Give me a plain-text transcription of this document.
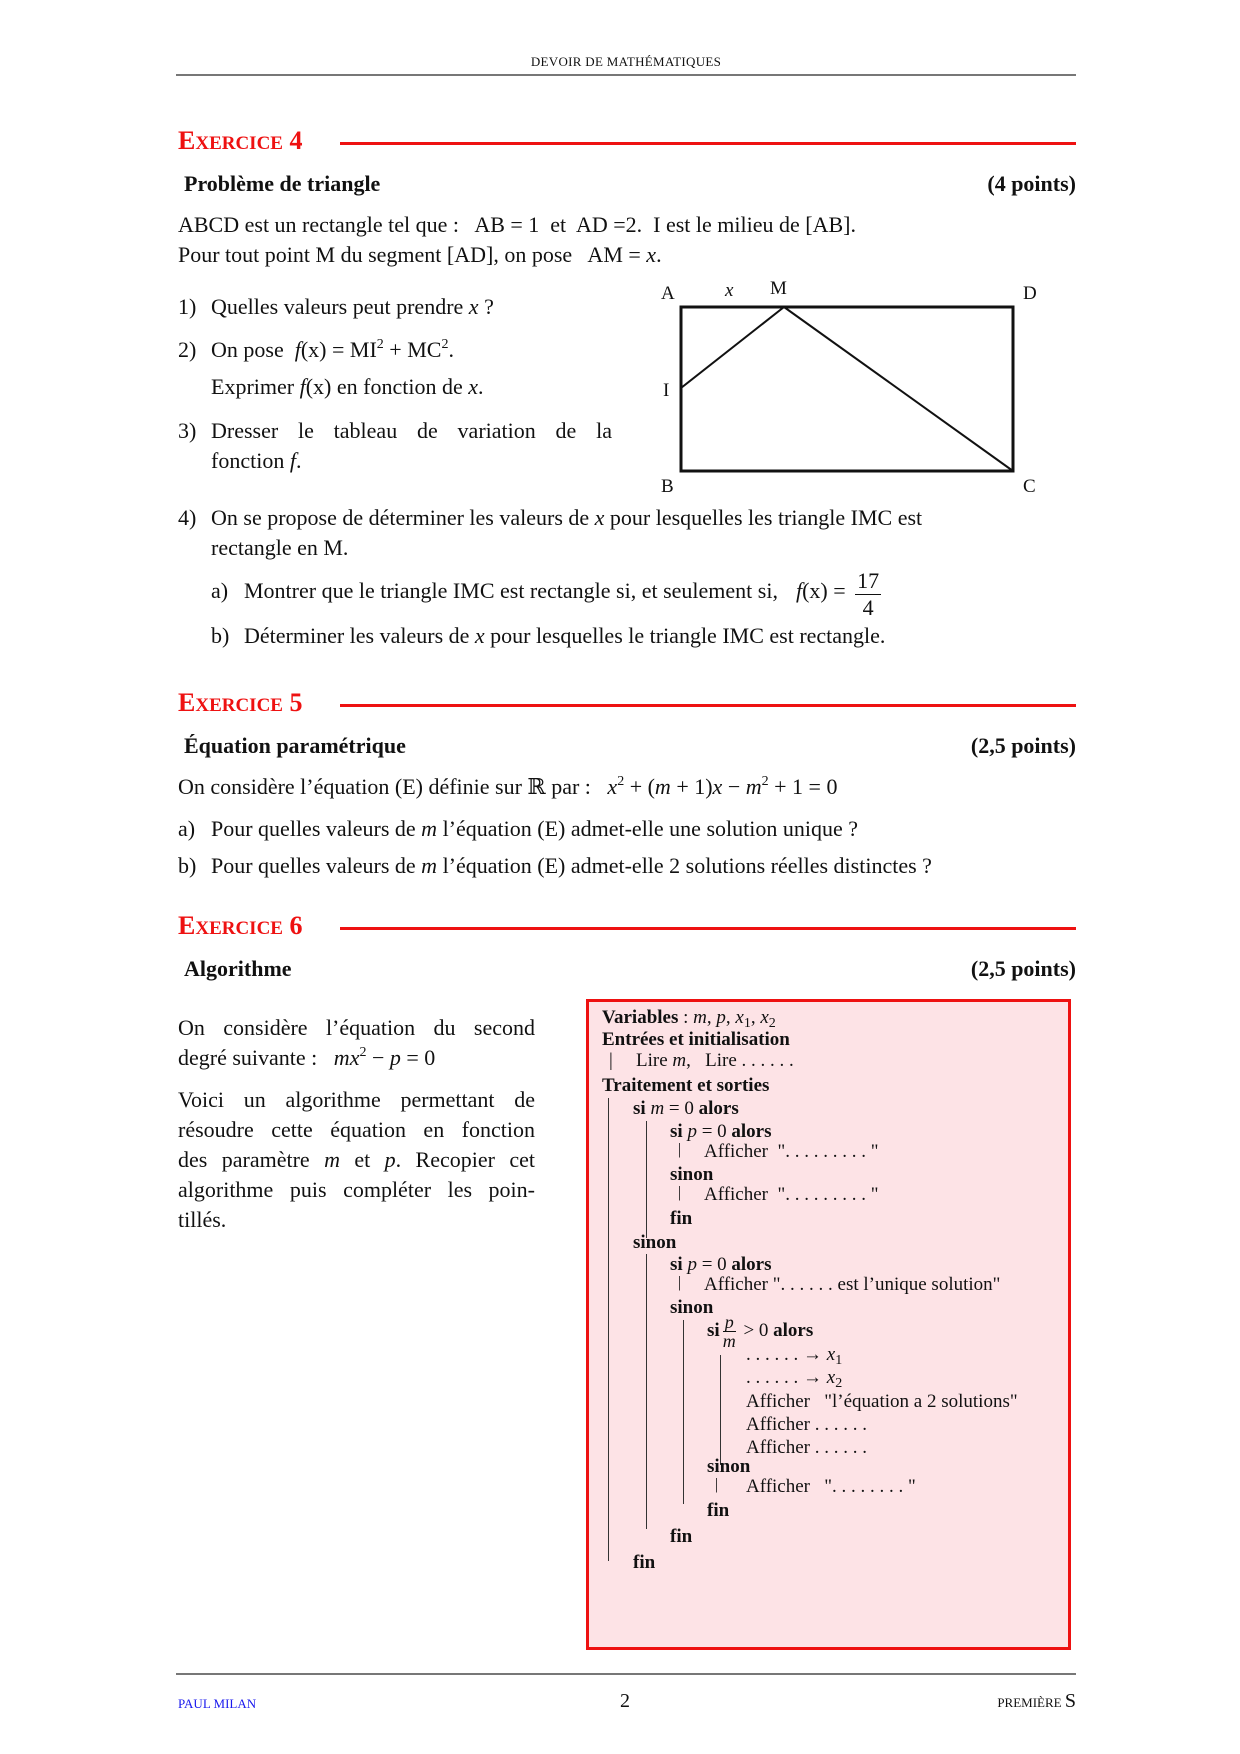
DEVOIR DE MATHÉMATIQUES
EXERCICE 4
Problème de triangle	(4 points)
ABCD est un rectangle tel que :   AB = 1  et  AD =2.  I est le milieu de [AB].
Pour tout point M du segment [AD], on pose   AM = x.
1) Quelles valeurs peut prendre x ?
2) On pose  $f(x) = MI^2 + MC^2$.
Exprimer f(x) en fonction de x.
3) Dresser le tableau de variation de la
fonction f.
A	x M	D
I
B	C
4) On se propose de déterminer les valeurs de x pour lesquelles les triangle IMC est
rectangle en M.
a) Montrer que le triangle IMC est rectangle si, et seulement si, $f(x) = \frac{17}{4}$
b) Déterminer les valeurs de x pour lesquelles le triangle IMC est rectangle.
EXERCICE 5
Équation paramétrique	(2,5 points)
On considère l’équation (E) définie sur ℝ par : $x^2 + (m + 1)x - m^2 + 1 = 0$
a) Pour quelles valeurs de m l’équation (E) admet-elle une solution unique ?
b) Pour quelles valeurs de m l’équation (E) admet-elle 2 solutions réelles distinctes ?
EXERCICE 6
Algorithme	(2,5 points)
On considère l’équation du second
degré suivante :   $mx^2 - p = 0$
Voici un algorithme permettant de
résoudre cette équation en fonction
des paramètre m et p. Recopier cet
algorithme puis compléter les poin-
tillés.
Variables : m, p, $x_1$, $x_2$
Entrées et initialisation
| Lire m,   Lire . . . . . .
Traitement et sorties
si m = 0 alors
si p = 0 alors
| Afficher  ". . . . . . . . . "
sinon
| Afficher  ". . . . . . . . . "
fin
sinon
si p = 0 alors
| Afficher ". . . . . . est l’unique solution"
sinon
si $\frac{p}{m} > 0$ alors
. . . . . . → $x_1$
. . . . . . → $x_2$
Afficher   "l’équation a 2 solutions"
Afficher . . . . . .
Afficher . . . . . .
sinon
| Afficher   ". . . . . . . . "
fin
fin
fin
PAUL MILAN	2	PREMIÈRE S
